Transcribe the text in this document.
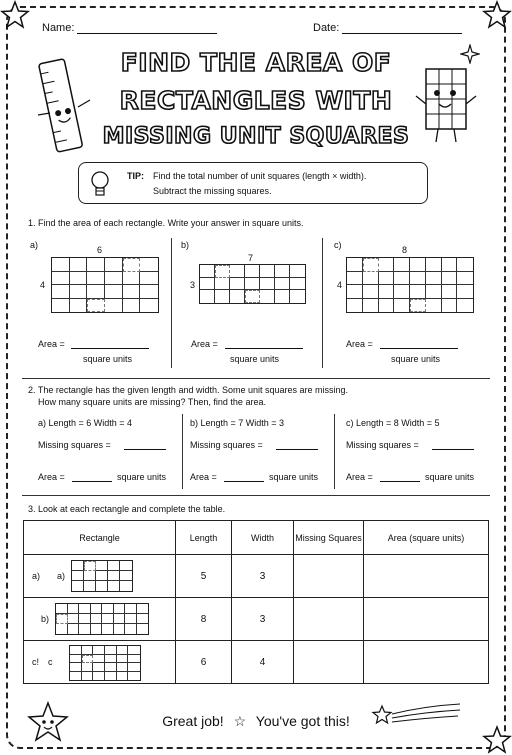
Name:	Date:
FIND THE AREA OF
RECTANGLES WITH
MISSING UNIT SQUARES
TIP: Find the total number of unit squares (length × width).
Subtract the missing squares.
1. Find the area of each rectangle. Write your answer in square units.
a)	6
4
b)
7
3
c)	8
4
Area =
square units
Area =
square units
Area =
square units
2. The rectangle has the given length and width. Some unit squares are missing.
How many square units are missing? Then, find the area.
a) Length = 6 Width = 4	b) Length = 7 Width = 3	c) Length = 8 Width = 5
Missing squares =	Missing squares =	Missing squares =
Area =	square units	Area =	square units	Area =	square units
3. Look at each rectangle and complete the table.
Rectangle	Length	Width	Missing Squares	Area (square units)

a) a)	5	3		

b)	8	3		

c! c	6	4		
Great job! ☆ You've got this!
